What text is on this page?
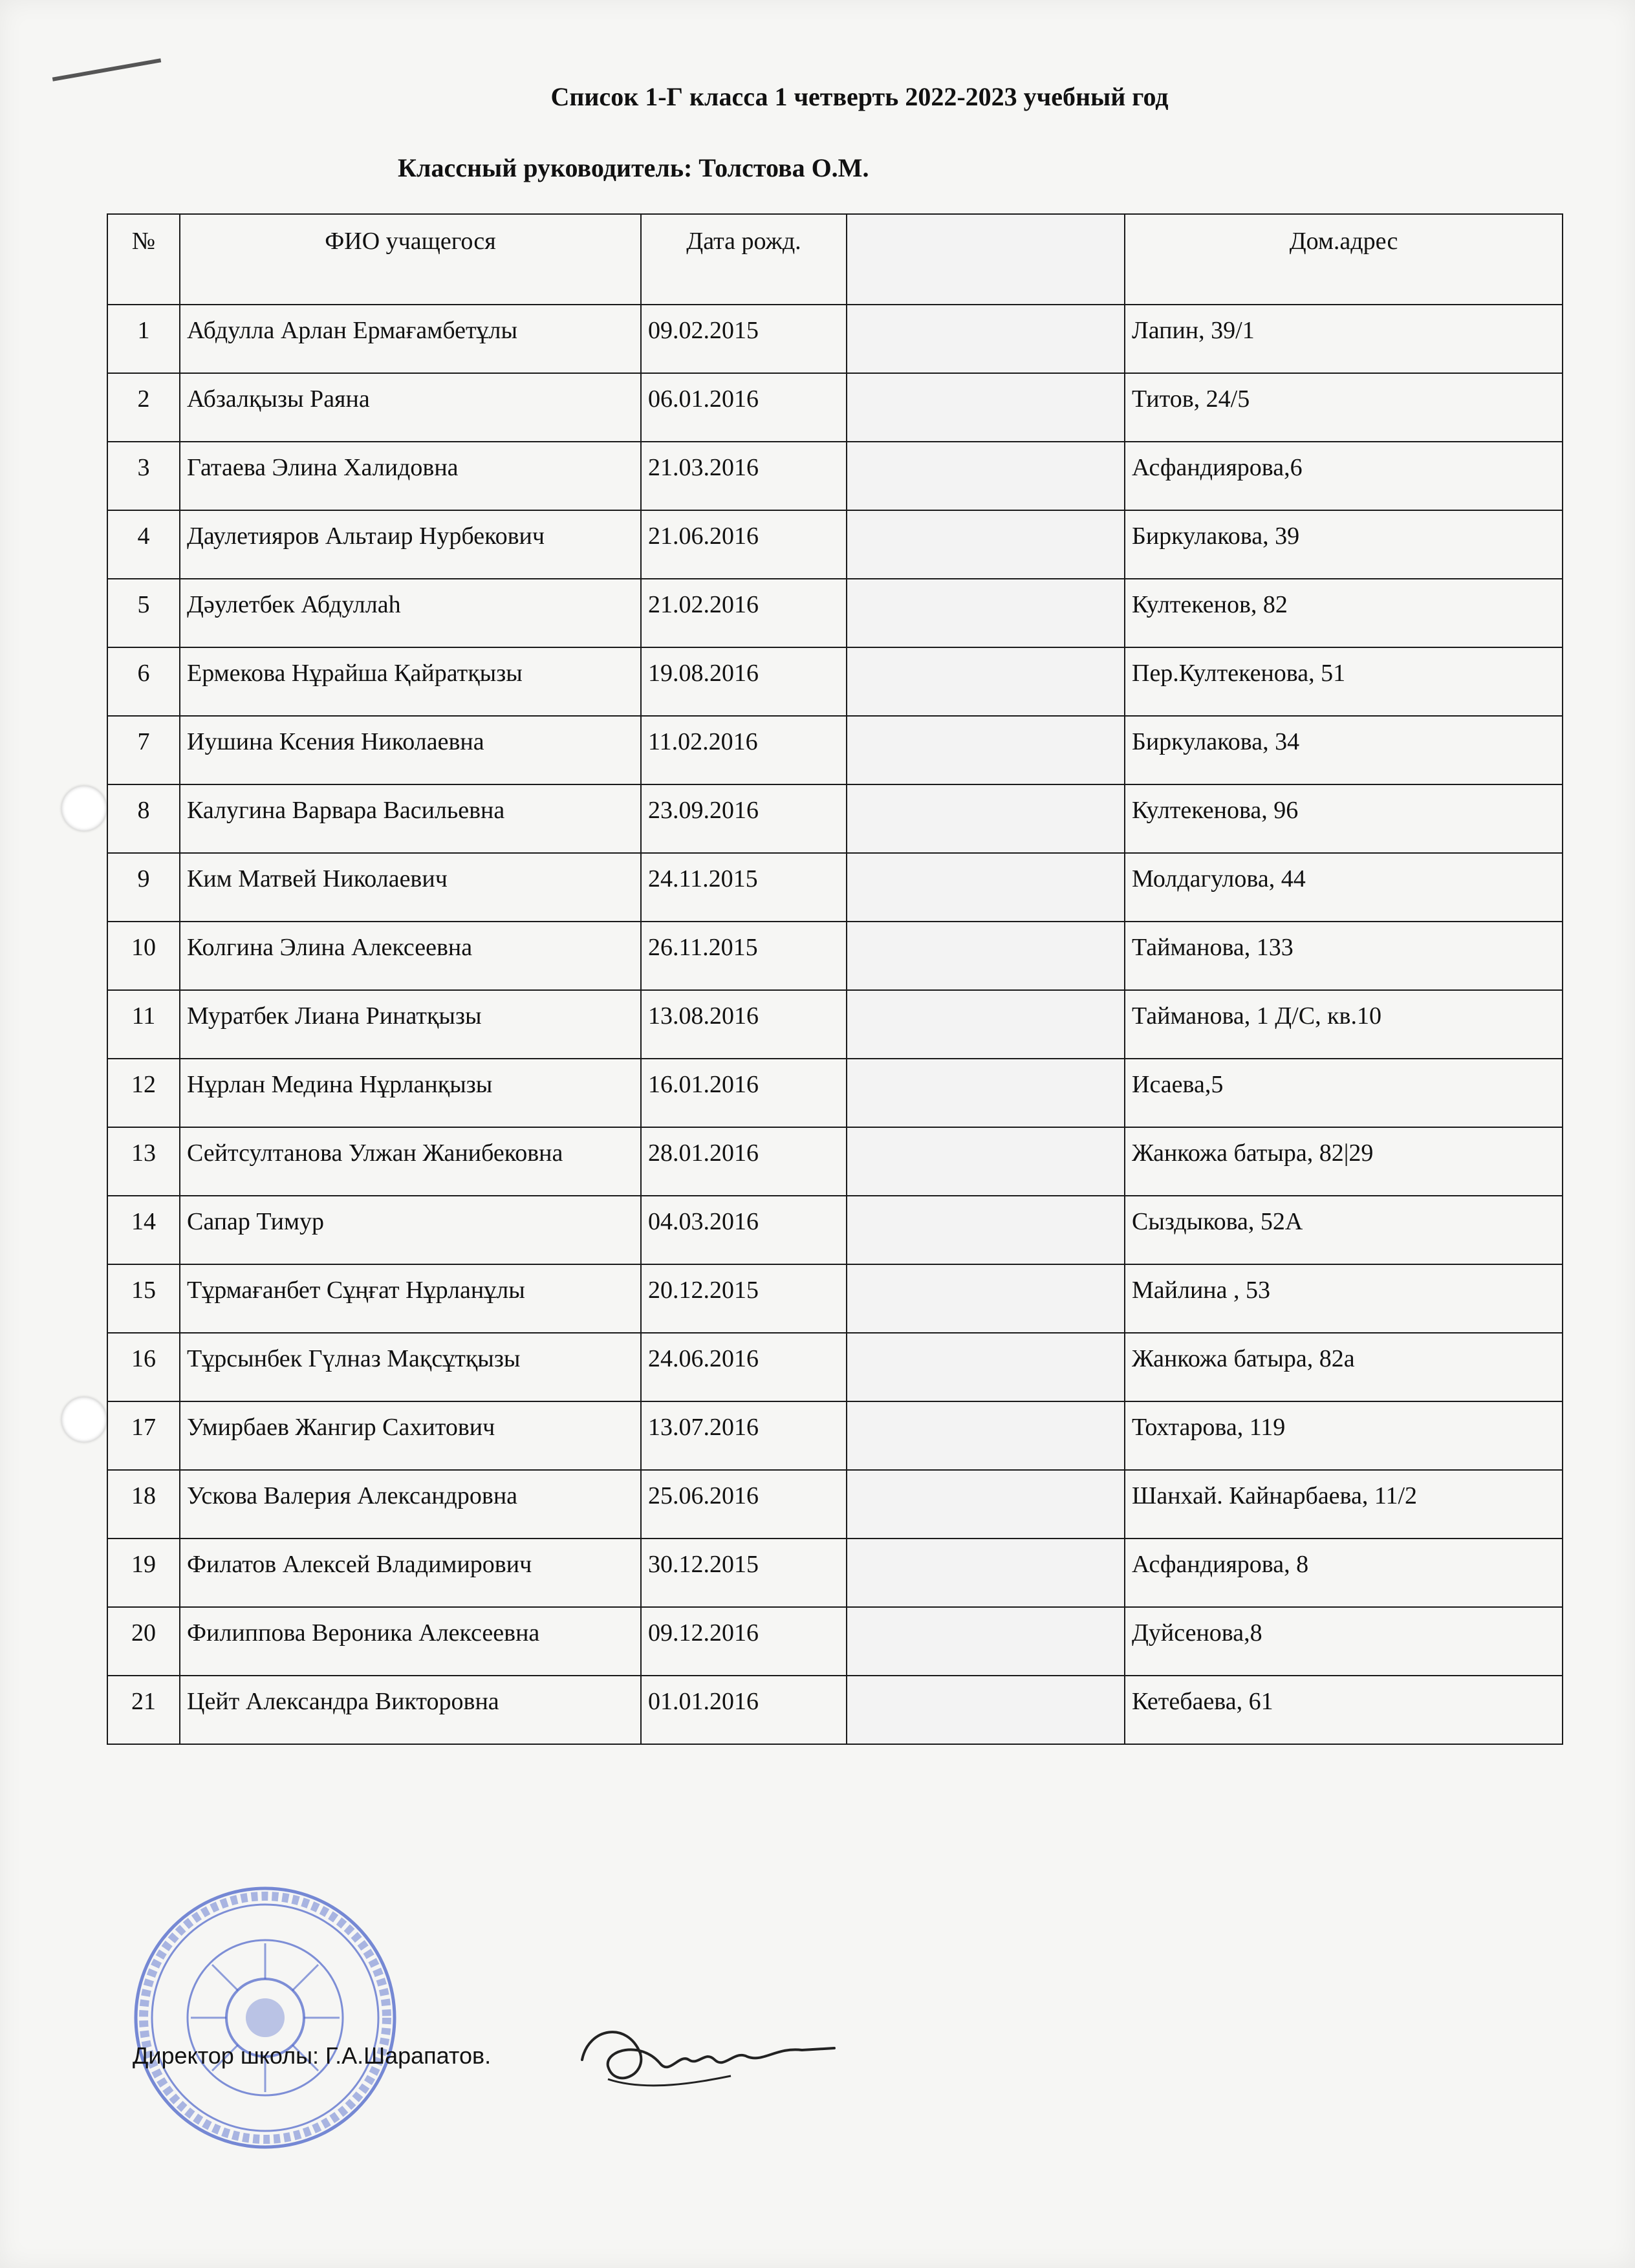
Список 1-Г класса 1 четверть 2022-2023 учебный год
Классный руководитель: Толстова О.М.
№	ФИО учащегося	Дата рожд.		Дом.адрес
1	Абдулла Арлан Ермағамбетұлы	09.02.2015		Лапин, 39/1
2	Абзалқызы Раяна	06.01.2016		Титов, 24/5
3	Гатаева Элина Халидовна	21.03.2016		Асфандиярова,6
4	Даулетияров Альтаир Нурбекович	21.06.2016		Биркулакова, 39
5	Дәулетбек Абдуллаһ	21.02.2016		Култекенов, 82
6	Ермекова Нұрайша Қайратқызы	19.08.2016		Пер.Култекенова, 51
7	Иушина Ксения Николаевна	11.02.2016		Биркулакова, 34
8	Калугина Варвара Васильевна	23.09.2016		Култекенова, 96
9	Ким Матвей Николаевич	24.11.2015		Молдагулова, 44
10	Колгина Элина Алексеевна	26.11.2015		Тайманова, 133
11	Муратбек Лиана Ринатқызы	13.08.2016		Тайманова, 1 Д/С, кв.10
12	Нұрлан Медина Нұрланқызы	16.01.2016		Исаева,5
13	Сейтсултанова Улжан Жанибековна	28.01.2016		Жанкожа батыра, 82|29
14	Сапар Тимур	04.03.2016		Сыздыкова, 52А
15	Тұрмағанбет Сұңғат Нұрланұлы	20.12.2015		Майлина , 53
16	Тұрсынбек Гүлназ Мақсұтқызы	24.06.2016		Жанкожа батыра, 82а
17	Умирбаев Жангир Сахитович	13.07.2016		Тохтарова, 119
18	Ускова Валерия Александровна	25.06.2016		Шанхай. Кайнарбаева, 11/2
19	Филатов Алексей Владимирович	30.12.2015		Асфандиярова, 8
20	Филиппова Вероника Алексеевна	09.12.2016		Дуйсенова,8
21	Цейт Александра Викторовна	01.01.2016		Кетебаева, 61
Директор школы: Г.А.Шарапатов.
